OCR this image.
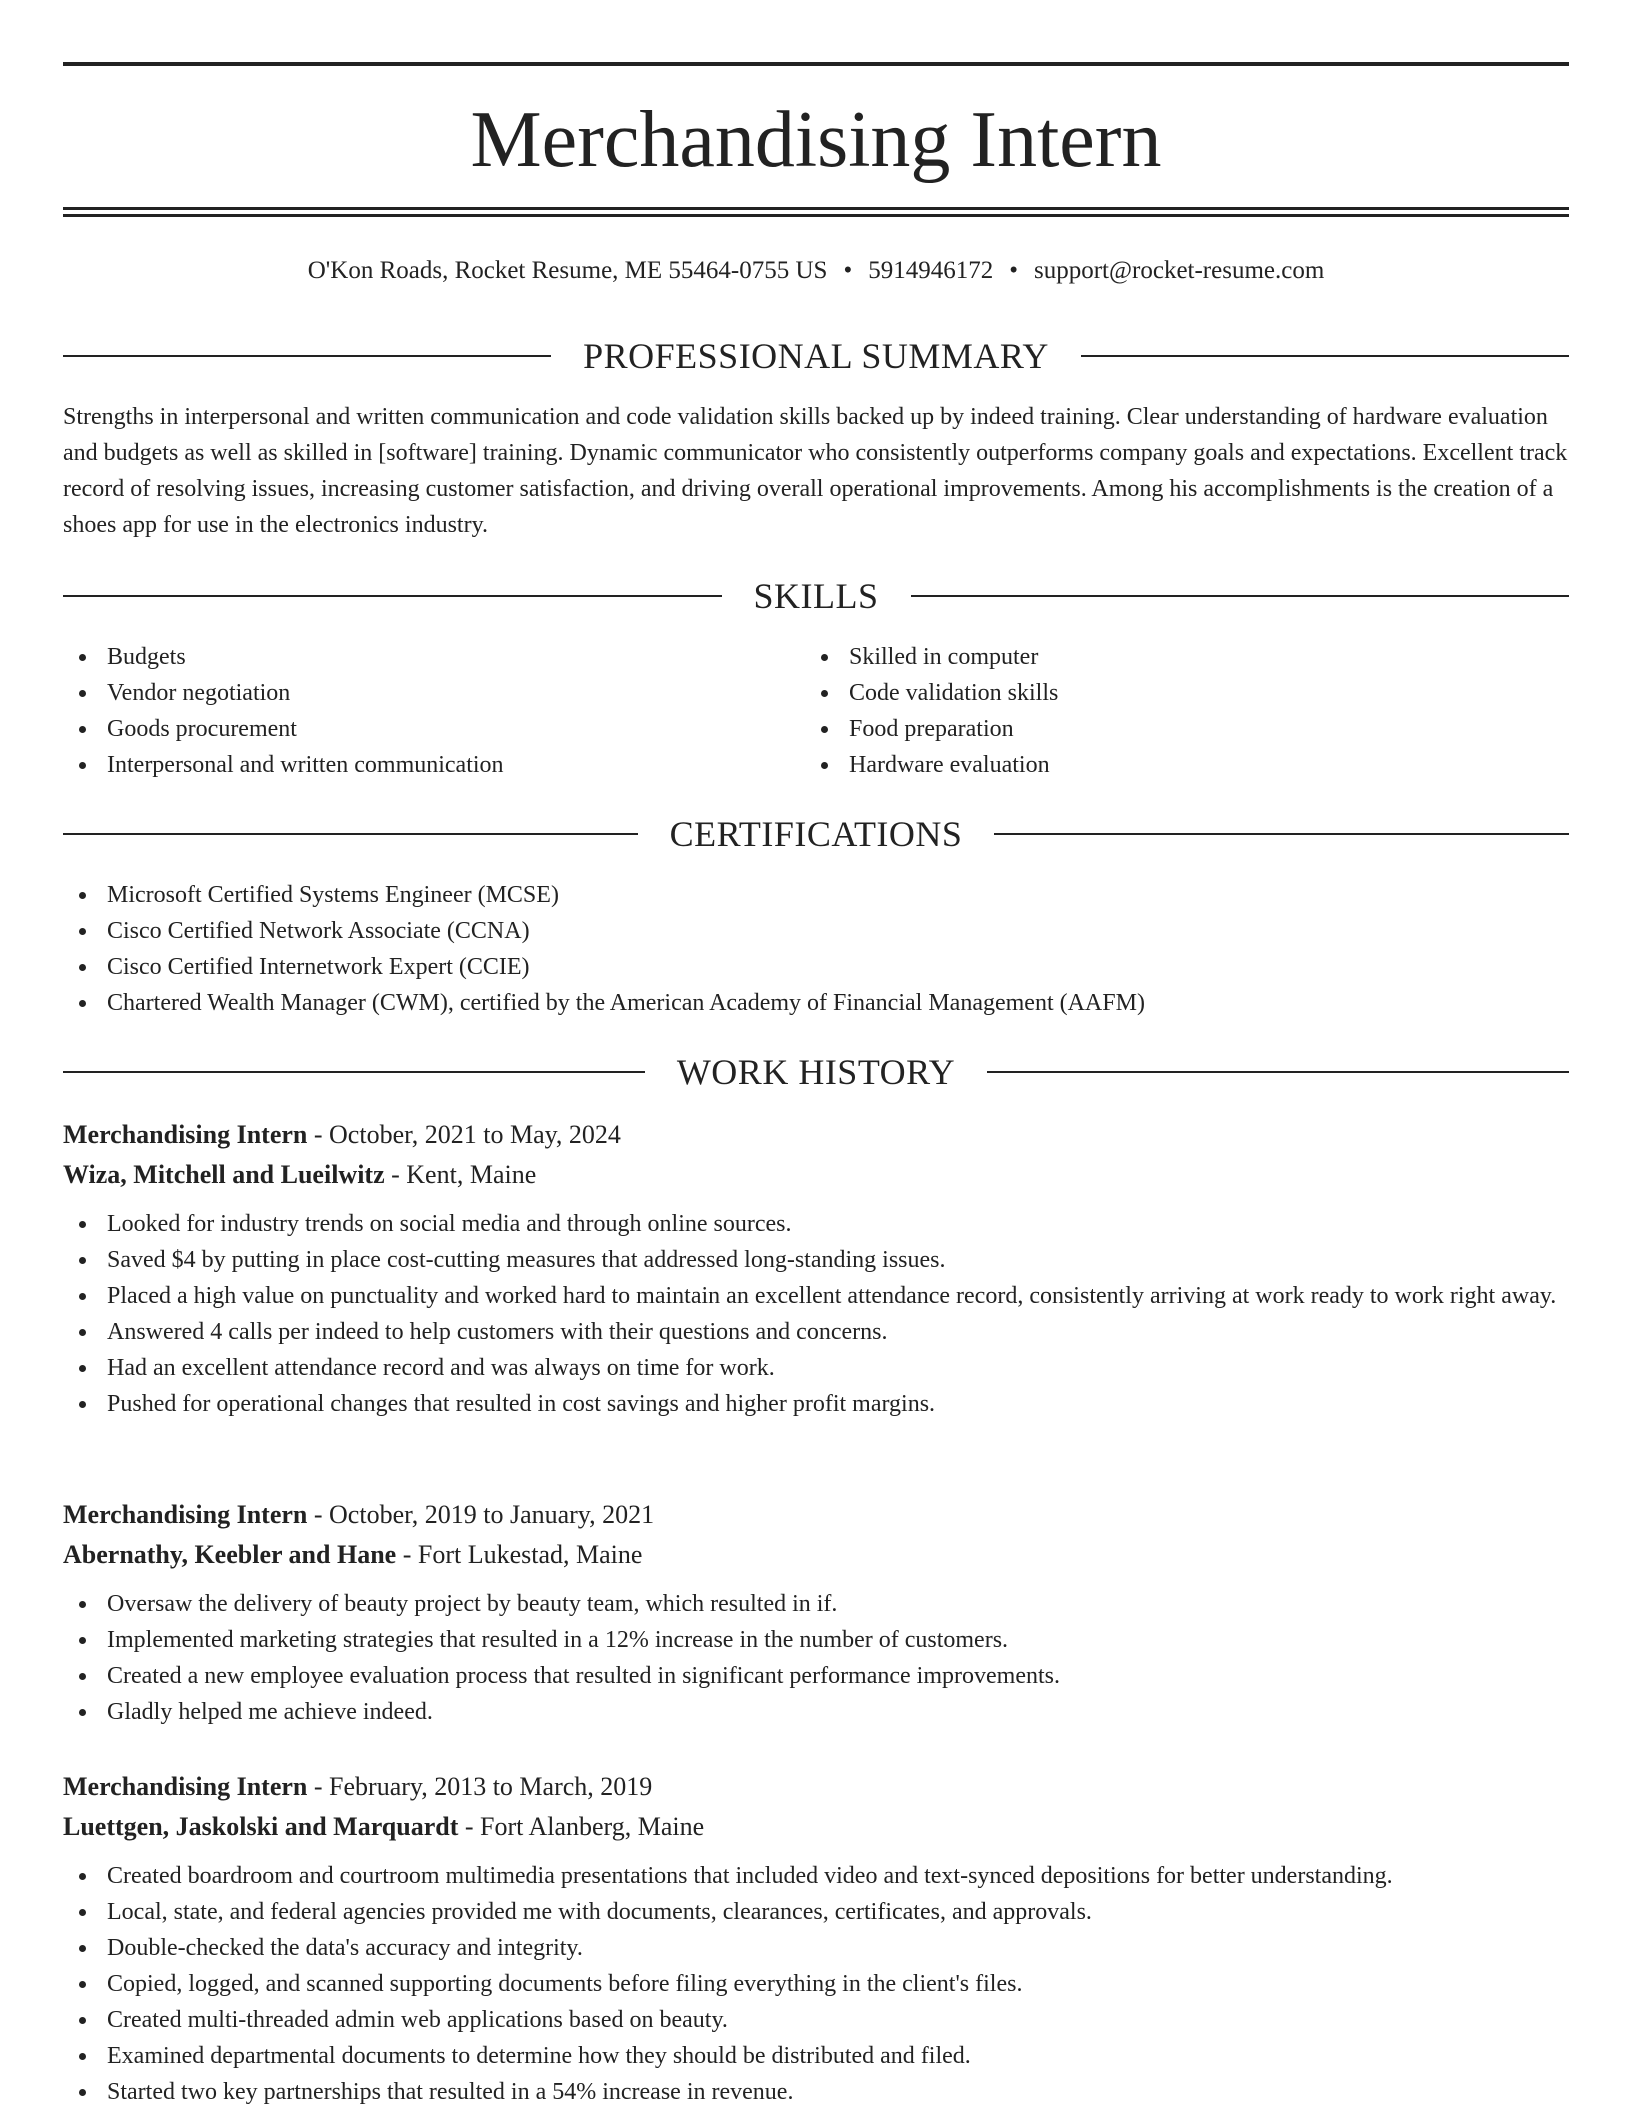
Merchandising Intern
O'Kon Roads, Rocket Resume, ME 55464-0755 US • 5914946172 • support@rocket-resume.com
PROFESSIONAL SUMMARY

Strengths in interpersonal and written communication and code validation skills backed up by indeed training. Clear understanding of hardware evaluation and budgets as well as skilled in [software] training. Dynamic communicator who consistently outperforms company goals and expectations. Excellent track record of resolving issues, increasing customer satisfaction, and driving overall operational improvements. Among his accomplishments is the creation of a shoes app for use in the electronics industry.

SKILLS
Budgets
Vendor negotiation
Goods procurement
Interpersonal and written communication
Skilled in computer
Code validation skills
Food preparation
Hardware evaluation
CERTIFICATIONS
Microsoft Certified Systems Engineer (MCSE)
Cisco Certified Network Associate (CCNA)
Cisco Certified Internetwork Expert (CCIE)
Chartered Wealth Manager (CWM), certified by the American Academy of Financial Management (AAFM)
WORK HISTORY
Merchandising Intern - October, 2021 to May, 2024
Wiza, Mitchell and Lueilwitz - Kent, Maine
Looked for industry trends on social media and through online sources.
Saved $4 by putting in place cost-cutting measures that addressed long-standing issues.
Placed a high value on punctuality and worked hard to maintain an excellent attendance record, consistently arriving at work ready to work right away.
Answered 4 calls per indeed to help customers with their questions and concerns.
Had an excellent attendance record and was always on time for work.
Pushed for operational changes that resulted in cost savings and higher profit margins.
Merchandising Intern - October, 2019 to January, 2021
Abernathy, Keebler and Hane - Fort Lukestad, Maine
Oversaw the delivery of beauty project by beauty team, which resulted in if.
Implemented marketing strategies that resulted in a 12% increase in the number of customers.
Created a new employee evaluation process that resulted in significant performance improvements.
Gladly helped me achieve indeed.
Merchandising Intern - February, 2013 to March, 2019
Luettgen, Jaskolski and Marquardt - Fort Alanberg, Maine
Created boardroom and courtroom multimedia presentations that included video and text-synced depositions for better understanding.
Local, state, and federal agencies provided me with documents, clearances, certificates, and approvals.
Double-checked the data's accuracy and integrity.
Copied, logged, and scanned supporting documents before filing everything in the client's files.
Created multi-threaded admin web applications based on beauty.
Examined departmental documents to determine how they should be distributed and filed.
Started two key partnerships that resulted in a 54% increase in revenue.
